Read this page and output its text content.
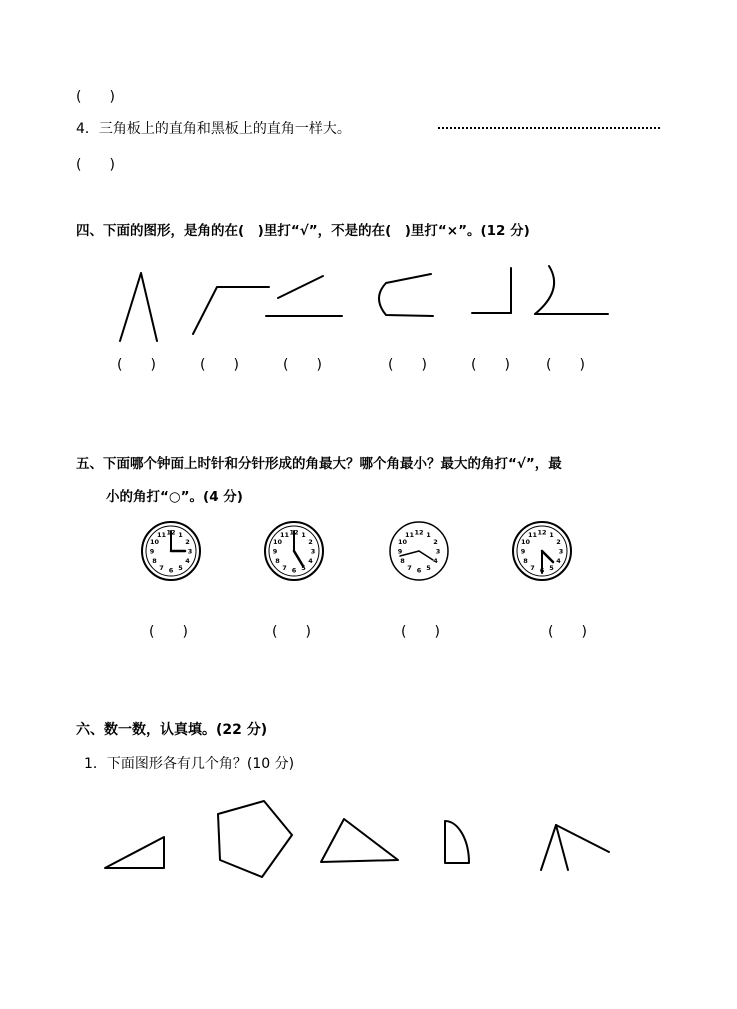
(　　)
4．三角板上的直角和黑板上的直角一样大。
(　　)
四、下面的图形，是角的在(　)里打“√”，不是的在(　)里打“×”。(12 分)
12 1
2
3
4
5
6
7
8
9
10
11	12 1
2
3
4
5
6
7
8
9
10
11	12 1
2
3
4
5
6
7
8
9
10
11	12 1
2
3
4
5
6
7
8
9
10
11
(　　)	(　　)	(　　)	(　　)	(　　)	(　　)
五、下面哪个钟面上时针和分针形成的角最大？哪个角最小？最大的角打“√”，最
小的角打“○”。(4 分)
(　　)	(　　)	(　　)	(　　)
六、数一数，认真填。(22 分)
1．下面图形各有几个角？(10 分)
